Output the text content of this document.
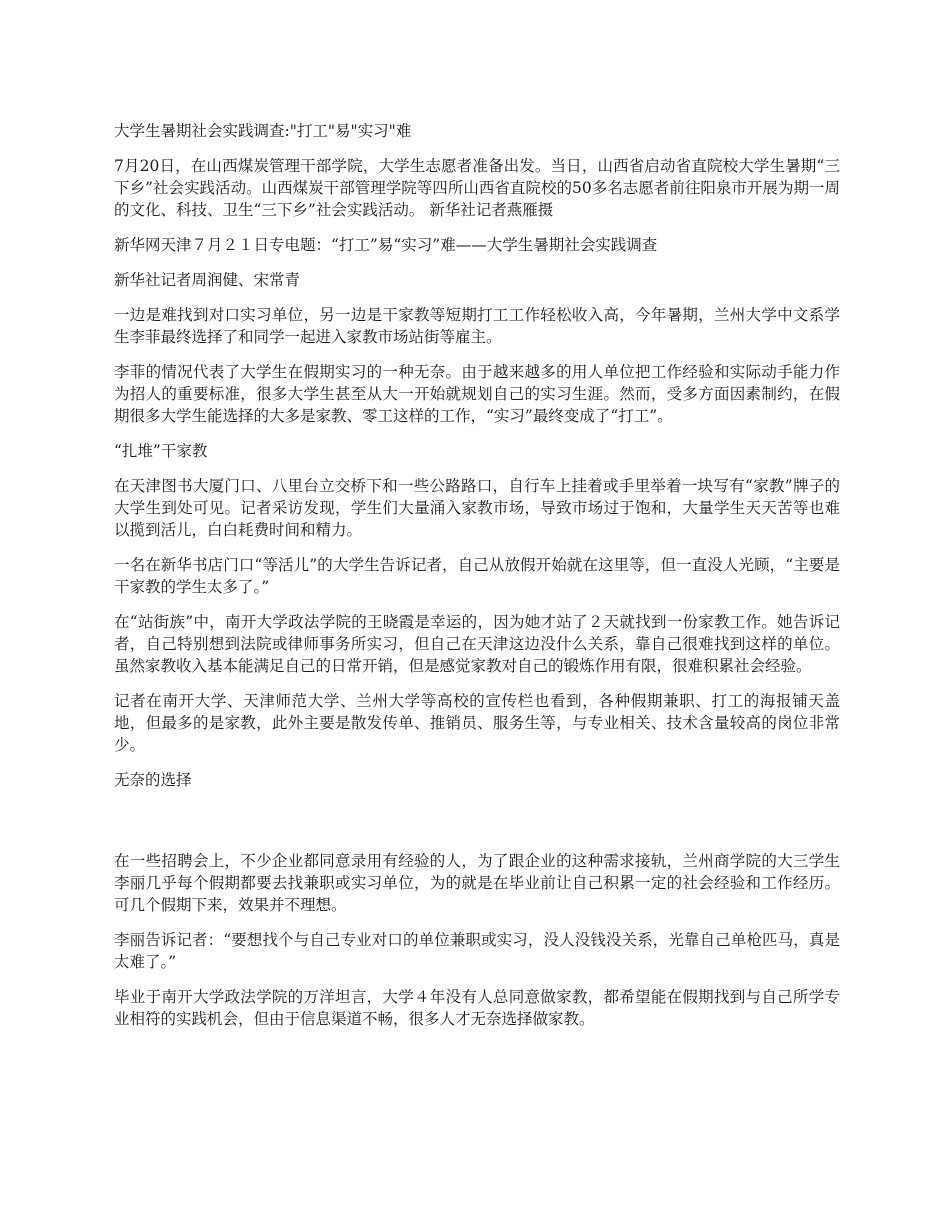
大学生暑期社会实践调查:"打工"易"实习"难
7月20日，在山西煤炭管理干部学院，大学生志愿者准备出发。当日，山西省启动省直院校大学生暑期“三下乡”社会实践活动。山西煤炭干部管理学院等四所山西省直院校的50多名志愿者前往阳泉市开展为期一周的文化、科技、卫生“三下乡”社会实践活动。 新华社记者燕雁摄
新华网天津７月２１日专电题：“打工”易“实习”难——大学生暑期社会实践调查
新华社记者周润健、宋常青
一边是难找到对口实习单位，另一边是干家教等短期打工工作轻松收入高，今年暑期，兰州大学中文系学生李菲最终选择了和同学一起进入家教市场站街等雇主。
李菲的情况代表了大学生在假期实习的一种无奈。由于越来越多的用人单位把工作经验和实际动手能力作为招人的重要标准，很多大学生甚至从大一开始就规划自己的实习生涯。然而，受多方面因素制约，在假期很多大学生能选择的大多是家教、零工这样的工作，“实习”最终变成了“打工”。
“扎堆”干家教
在天津图书大厦门口、八里台立交桥下和一些公路路口，自行车上挂着或手里举着一块写有“家教”牌子的大学生到处可见。记者采访发现，学生们大量涌入家教市场，导致市场过于饱和，大量学生天天苦等也难以揽到活儿，白白耗费时间和精力。
一名在新华书店门口“等活儿”的大学生告诉记者，自己从放假开始就在这里等，但一直没人光顾，“主要是干家教的学生太多了。”
在“站街族”中，南开大学政法学院的王晓霞是幸运的，因为她才站了２天就找到一份家教工作。她告诉记者，自己特别想到法院或律师事务所实习，但自己在天津这边没什么关系，靠自己很难找到这样的单位。虽然家教收入基本能满足自己的日常开销，但是感觉家教对自己的锻炼作用有限，很难积累社会经验。
记者在南开大学、天津师范大学、兰州大学等高校的宣传栏也看到，各种假期兼职、打工的海报铺天盖地，但最多的是家教，此外主要是散发传单、推销员、服务生等，与专业相关、技术含量较高的岗位非常少。
无奈的选择
在一些招聘会上，不少企业都同意录用有经验的人，为了跟企业的这种需求接轨，兰州商学院的大三学生李丽几乎每个假期都要去找兼职或实习单位，为的就是在毕业前让自己积累一定的社会经验和工作经历。可几个假期下来，效果并不理想。
李丽告诉记者：“要想找个与自己专业对口的单位兼职或实习，没人没钱没关系，光靠自己单枪匹马，真是太难了。”
毕业于南开大学政法学院的万洋坦言，大学４年没有人总同意做家教，都希望能在假期找到与自己所学专业相符的实践机会，但由于信息渠道不畅，很多人才无奈选择做家教。
